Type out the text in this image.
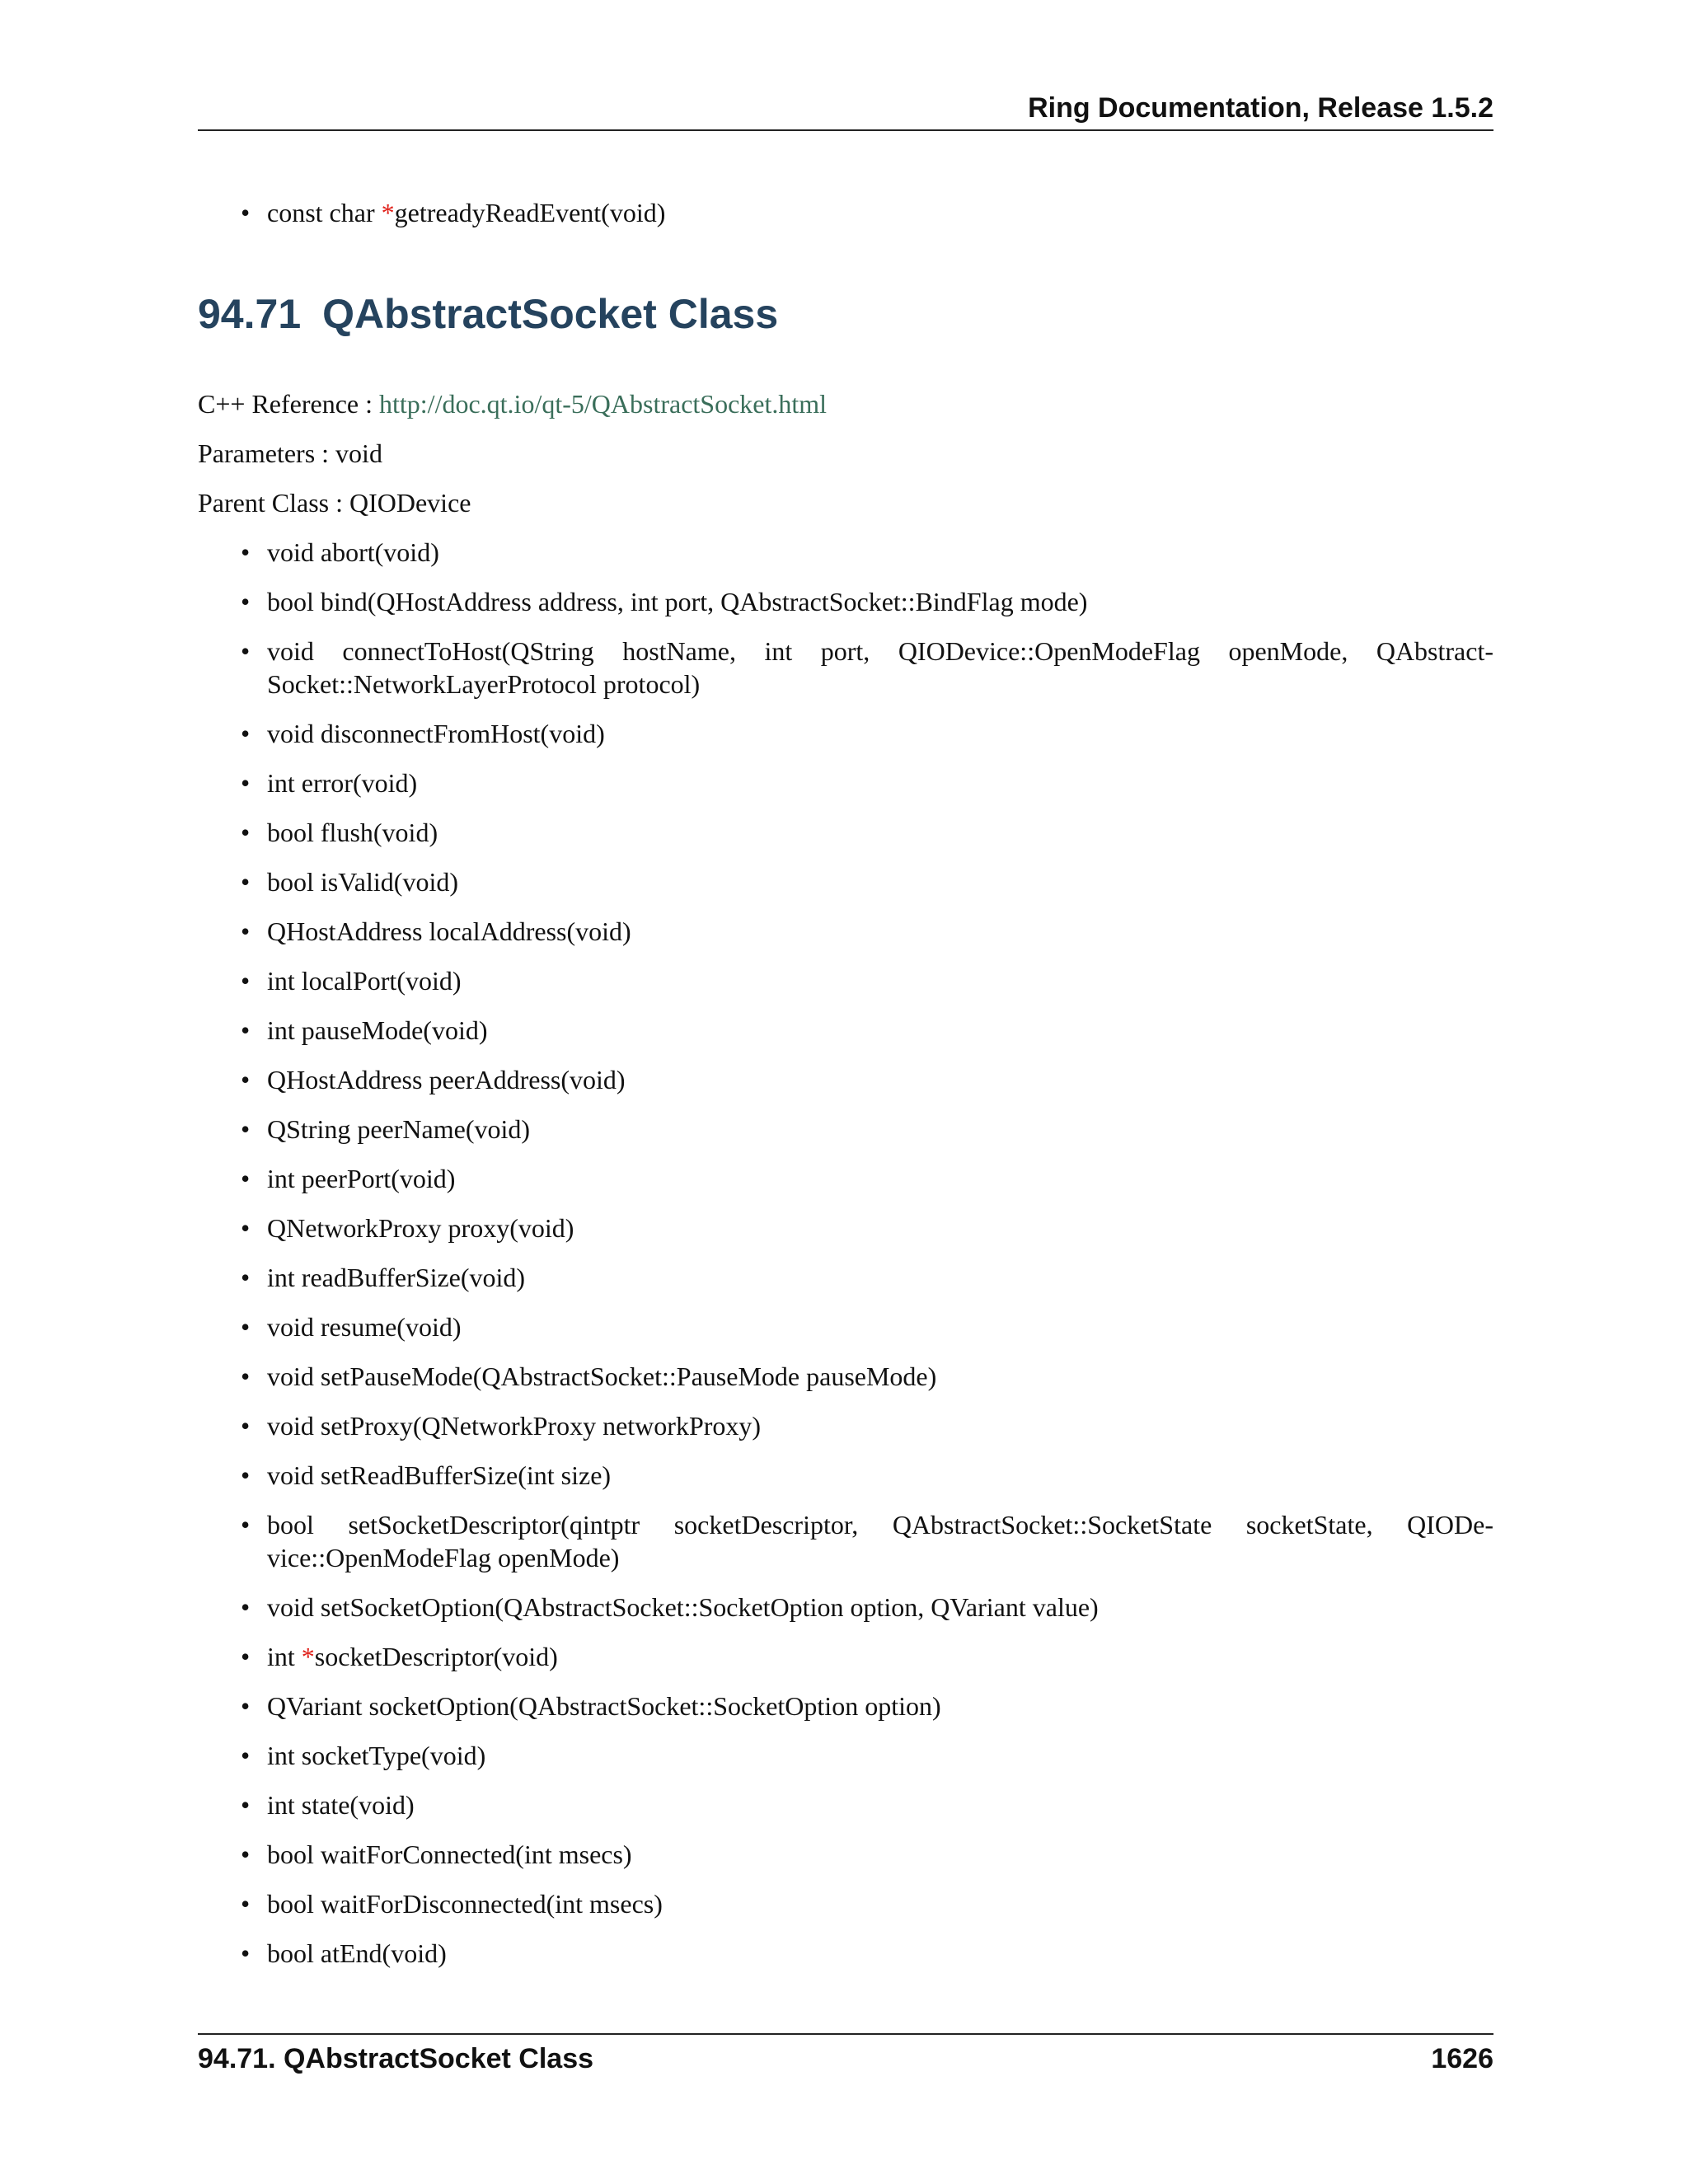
Ring Documentation, Release 1.5.2
• const char *getreadyReadEvent(void)
94.71 QAbstractSocket Class

C++ Reference : http://doc.qt.io/qt-5/QAbstractSocket.html

Parameters : void

Parent Class : QIODevice

• void abort(void)
• bool bind(QHostAddress address, int port, QAbstractSocket::BindFlag mode)
• void connectToHost(QString hostName, int port, QIODevice::OpenModeFlag openMode, QAbstract-Socket::NetworkLayerProtocol protocol)
• void disconnectFromHost(void)
• int error(void)
• bool flush(void)
• bool isValid(void)
• QHostAddress localAddress(void)
• int localPort(void)
• int pauseMode(void)
• QHostAddress peerAddress(void)
• QString peerName(void)
• int peerPort(void)
• QNetworkProxy proxy(void)
• int readBufferSize(void)
• void resume(void)
• void setPauseMode(QAbstractSocket::PauseMode pauseMode)
• void setProxy(QNetworkProxy networkProxy)
• void setReadBufferSize(int size)
• bool setSocketDescriptor(qintptr socketDescriptor, QAbstractSocket::SocketState socketState, QIODe-vice::OpenModeFlag openMode)
• void setSocketOption(QAbstractSocket::SocketOption option, QVariant value)
• int *socketDescriptor(void)
• QVariant socketOption(QAbstractSocket::SocketOption option)
• int socketType(void)
• int state(void)
• bool waitForConnected(int msecs)
• bool waitForDisconnected(int msecs)
• bool atEnd(void)
94.71. QAbstractSocket Class	1626
